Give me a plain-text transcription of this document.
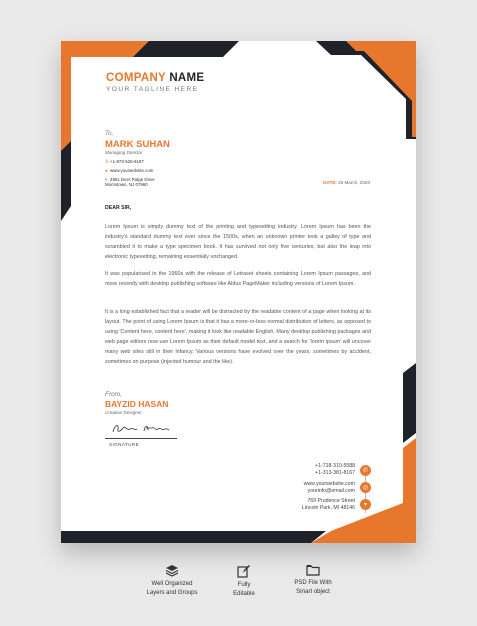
COMPANY NAME
YOUR TAGLINE HERE
To,
MARK SUHAN
Managing Director
✆+1-973-526-9187
● www.yourwebsite.com
▾ 4961 Deer Ridge Drive
Morristown, NJ 07960	DATE: 26 March, 2020
DEAR SIR,

Lorem Ipsum is simply dummy text of the printing and typesetting industry. Lorem Ipsum has been the industry's standard dummy text ever since the 1500s, when an unknown printer took a galley of type and scrambled it to make a type specimen book. It has survived not only five centuries, but also the leap into electronic typesetting, remaining essentially unchanged.

It was popularised in the 1960s with the release of Letraset sheets containing Lorem Ipsum passages, and more recently with desktop publishing software like Aldus PageMaker including versions of Lorem Ipsum.

It is a long established fact that a reader will be distracted by the readable content of a page when looking at its layout. The point of using Lorem Ipsum is that it has a more-or-less normal distribution of letters, as opposed to using 'Content here, content here', making it look like readable English. Many desktop publishing packages and web page editors now use Lorem Ipsum as their default model text, and a search for 'lorem ipsum' will uncover many web sites still in their infancy. Various versions have evolved over the years, sometimes by accident, sometimes on purpose (injected humour and the like).

From,
BAYZID HASAN
Creative Designer
SIGNATURE
+1-718-310-5588
+1-313-381-8167
www.yourwebsite.com
yourinfo@email.com
769 Prudence Street
Lincoln Park, MI 48146
✆
◎
▾
Well Organized
Layers and Groups
Fully
Editable
PSD File With
Smart object
